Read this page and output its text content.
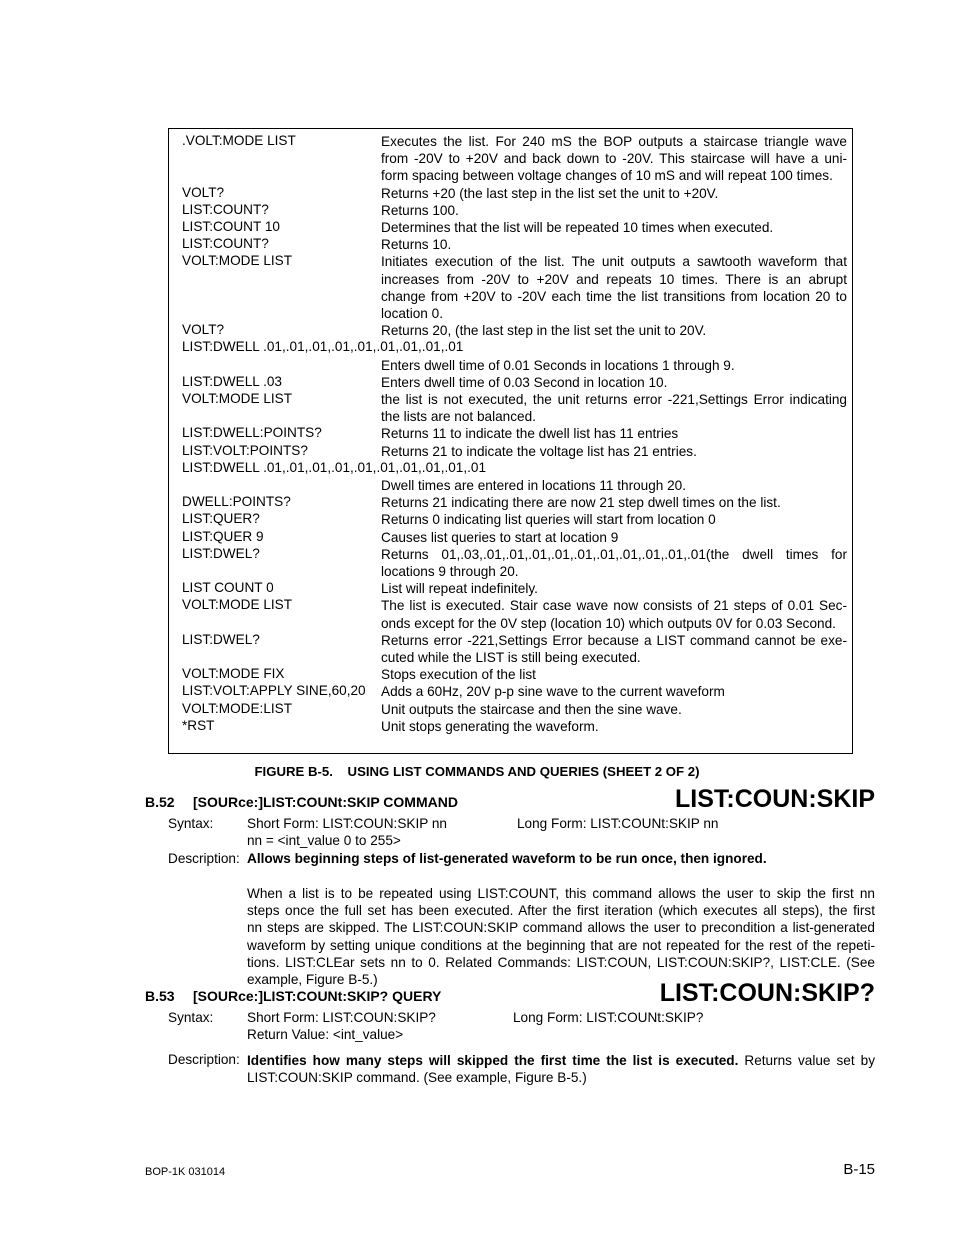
.VOLT:MODE LIST	Executes the list. For 240 mS the BOP outputs a staircase triangle wave
from -20V to +20V and back down to -20V. This staircase will have a uni-
form spacing between voltage changes of 10 mS and will repeat 100 times.
VOLT?	Returns +20 (the last step in the list set the unit to +20V.
LIST:COUNT?	Returns 100.
LIST:COUNT 10	Determines that the list will be repeated 10 times when executed.
LIST:COUNT?	Returns 10.
VOLT:MODE LIST	Initiates execution of the list. The unit outputs a sawtooth waveform that
increases from -20V to +20V and repeats 10 times. There is an abrupt
change from +20V to -20V each time the list transitions from location 20 to
location 0.
VOLT?	Returns 20, (the last step in the list set the unit to 20V.
LIST:DWELL .01,.01,.01,.01,.01,.01,.01,.01,.01
Enters dwell time of 0.01 Seconds in locations 1 through 9.
LIST:DWELL .03	Enters dwell time of 0.03 Second in location 10.
VOLT:MODE LIST	the list is not executed, the unit returns error -221,Settings Error indicating
the lists are not balanced.
LIST:DWELL:POINTS?	Returns 11 to indicate the dwell list has 11 entries
LIST:VOLT:POINTS?	Returns 21 to indicate the voltage list has 21 entries.
LIST:DWELL .01,.01,.01,.01,.01,.01,.01,.01,.01,.01
Dwell times are entered in locations 11 through 20.
DWELL:POINTS?	Returns 21 indicating there are now 21 step dwell times on the list.
LIST:QUER?	Returns 0 indicating list queries will start from location 0
LIST:QUER 9	Causes list queries to start at location 9
LIST:DWEL?	Returns 01,.03,.01,.01,.01,.01,.01,.01,.01,.01,.01,.01(the dwell times for
locations 9 through 20.
LIST COUNT 0	List will repeat indefinitely.
VOLT:MODE LIST	The list is executed. Stair case wave now consists of 21 steps of 0.01 Sec-
onds except for the 0V step (location 10) which outputs 0V for 0.03 Second.
LIST:DWEL?	Returns error -221,Settings Error because a LIST command cannot be exe-
cuted while the LIST is still being executed.
VOLT:MODE FIX	Stops execution of the list
LIST:VOLT:APPLY SINE,60,20 Adds a 60Hz, 20V p-p sine wave to the current waveform
VOLT:MODE:LIST	Unit outputs the staircase and then the sine wave.
*RST	Unit stops generating the waveform.
FIGURE B-5.    USING LIST COMMANDS AND QUERIES (SHEET 2 OF 2)
B.52 [SOURce:]LIST:COUNt:SKIP COMMAND	LIST:COUN:SKIP
Syntax: Short Form: LIST:COUN:SKIP nn	Long Form: LIST:COUNt:SKIP nn
nn = <int_value 0 to 255>
Description: Allows beginning steps of list-generated waveform to be run once, then ignored.
When a list is to be repeated using LIST:COUNT, this command allows the user to skip the first nn
steps once the full set has been executed. After the first iteration (which executes all steps), the first
nn steps are skipped. The LIST:COUN:SKIP command allows the user to precondition a list-generated
waveform by setting unique conditions at the beginning that are not repeated for the rest of the repeti-
tions. LIST:CLEar sets nn to 0. Related Commands: LIST:COUN, LIST:COUN:SKIP?, LIST:CLE. (See
example, Figure B-5.)
B.53 [SOURce:]LIST:COUNt:SKIP? QUERY	LIST:COUN:SKIP?
Syntax: Short Form: LIST:COUN:SKIP?	Long Form: LIST:COUNt:SKIP?
Return Value: <int_value>
Description: Identifies how many steps will skipped the first time the list is executed. Returns value set by
LIST:COUN:SKIP command. (See example, Figure B-5.)
BOP-1K 031014	B-15
